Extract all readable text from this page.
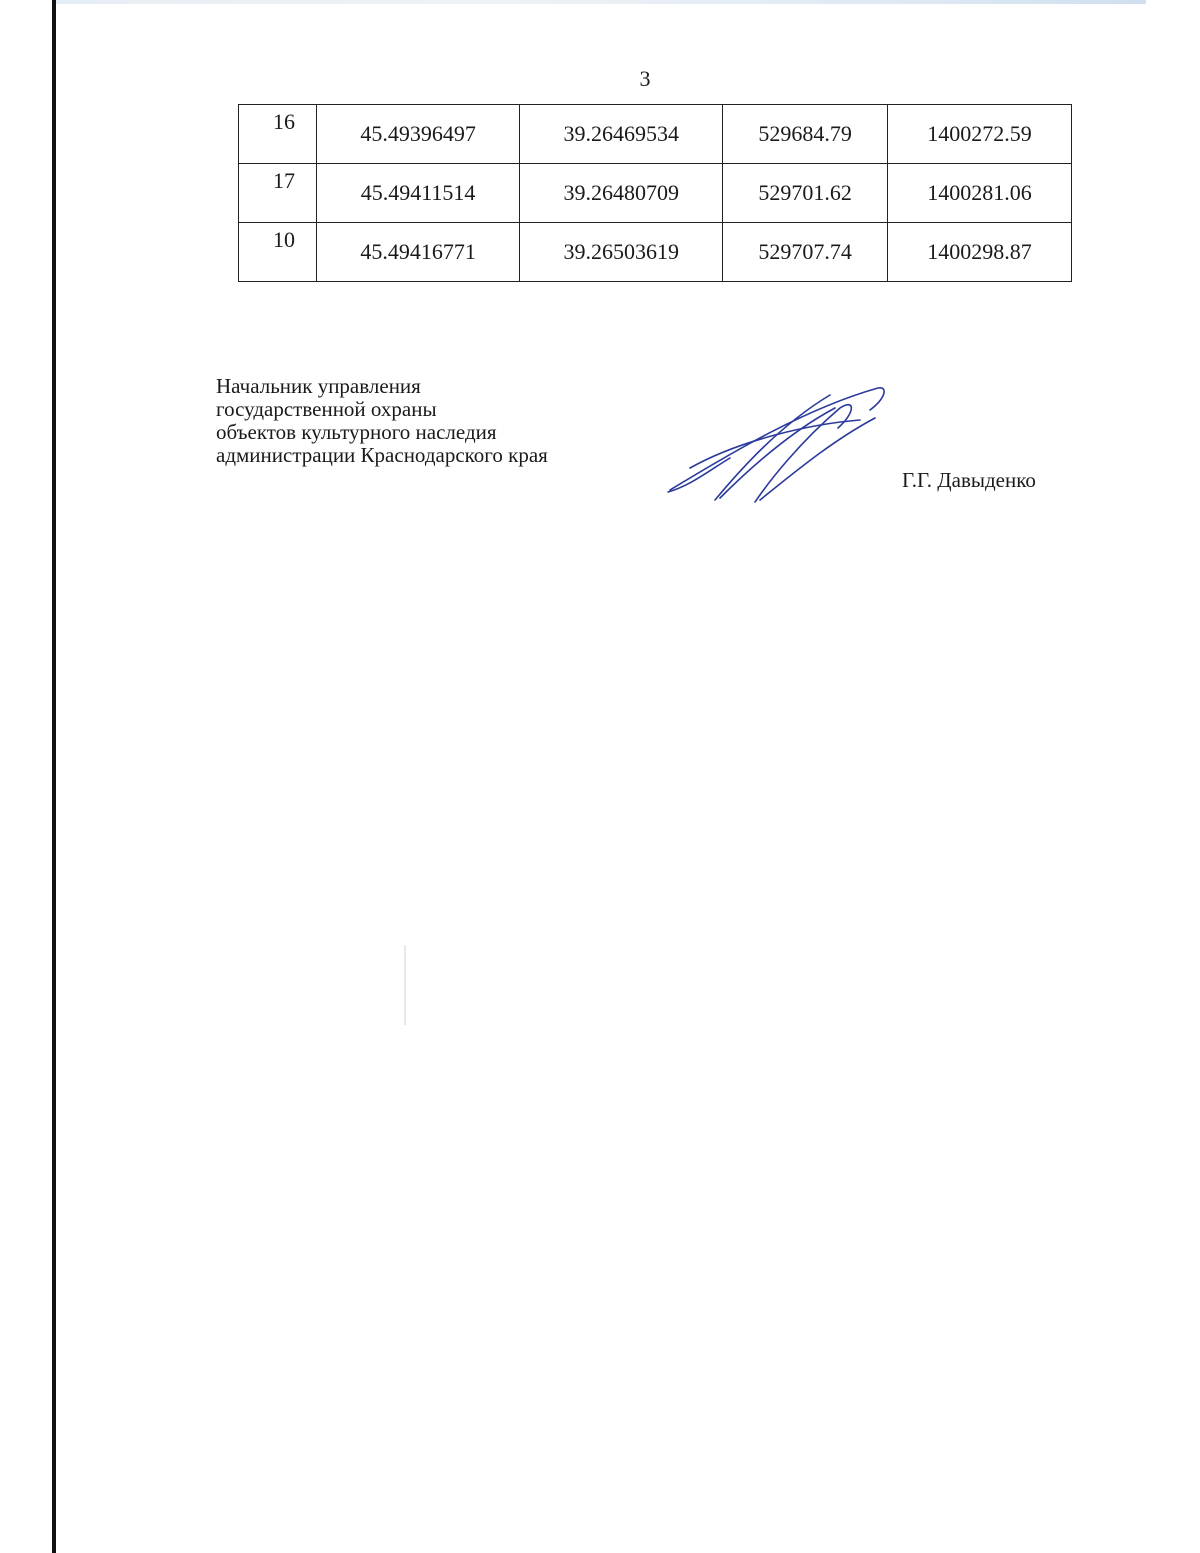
3
16	45.49396497	39.26469534	529684.79	1400272.59
17	45.49411514	39.26480709	529701.62	1400281.06
10	45.49416771	39.26503619	529707.74	1400298.87
Начальник управления
государственной охраны
объектов культурного наследия
администрации Краснодарского края
Г.Г. Давыденко
